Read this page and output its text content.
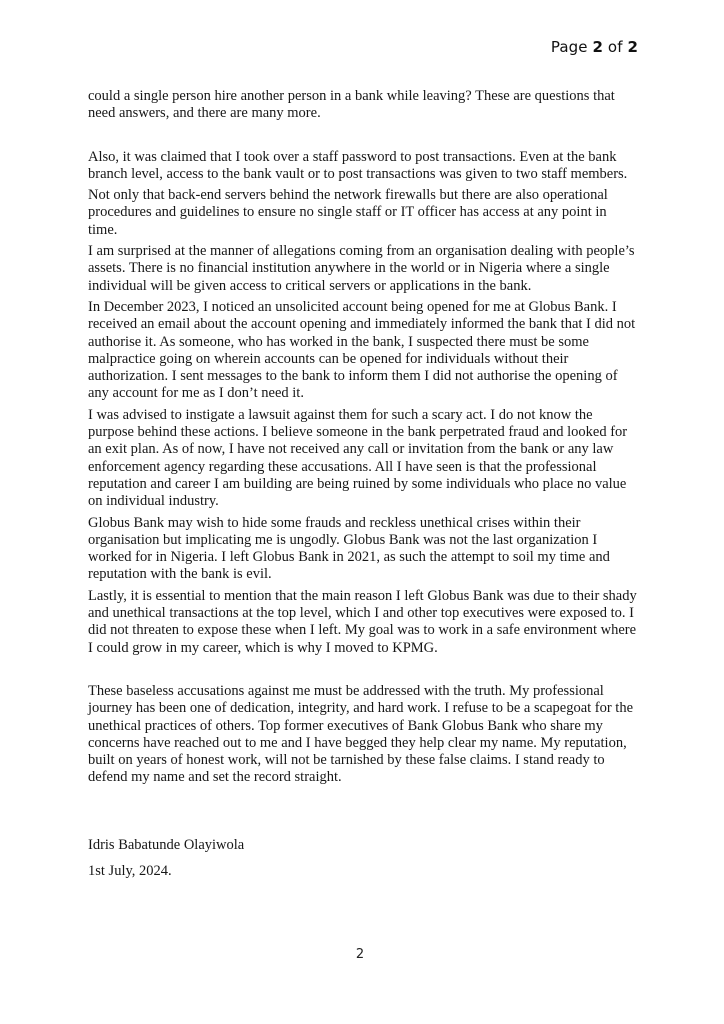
Page 2 of 2

could a single person hire another person in a bank while leaving? These are questions that need answers, and there are many more.

Also, it was claimed that I took over a staff password to post transactions. Even at the bank branch level, access to the bank vault or to post transactions was given to two staff members.

Not only that back-end servers behind the network firewalls but there are also operational procedures and guidelines to ensure no single staff or IT officer has access at any point in time.

I am surprised at the manner of allegations coming from an organisation dealing with people’s assets. There is no financial institution anywhere in the world or in Nigeria where a single individual will be given access to critical servers or applications in the bank.

In December 2023, I noticed an unsolicited account being opened for me at Globus Bank. I received an email about the account opening and immediately informed the bank that I did not authorise it. As someone, who has worked in the bank, I suspected there must be some malpractice going on wherein accounts can be opened for individuals without their authorization. I sent messages to the bank to inform them I did not authorise the opening of any account for me as I don’t need it.

I was advised to instigate a lawsuit against them for such a scary act. I do not know the purpose behind these actions. I believe someone in the bank perpetrated fraud and looked for an exit plan. As of now, I have not received any call or invitation from the bank or any law enforcement agency regarding these accusations. All I have seen is that the professional reputation and career I am building are being ruined by some individuals who place no value on individual industry.

Globus Bank may wish to hide some frauds and reckless unethical crises within their organisation but implicating me is ungodly. Globus Bank was not the last organization I worked for in Nigeria. I left Globus Bank in 2021, as such the attempt to soil my time and reputation with the bank is evil.

Lastly, it is essential to mention that the main reason I left Globus Bank was due to their shady and unethical transactions at the top level, which I and other top executives were exposed to. I did not threaten to expose these when I left. My goal was to work in a safe environment where I could grow in my career, which is why I moved to KPMG.

These baseless accusations against me must be addressed with the truth. My professional journey has been one of dedication, integrity, and hard work. I refuse to be a scapegoat for the unethical practices of others. Top former executives of Bank Globus Bank who share my concerns have reached out to me and I have begged they help clear my name. My reputation, built on years of honest work, will not be tarnished by these false claims. I stand ready to defend my name and set the record straight.

Idris Babatunde Olayiwola

1st July, 2024.

2
